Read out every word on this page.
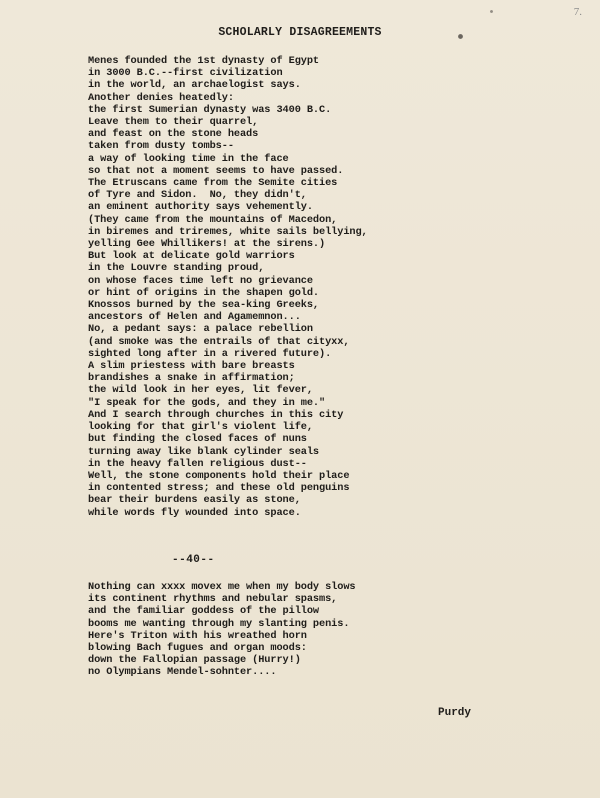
7.
SCHOLARLY DISAGREEMENTS
Menes founded the 1st dynasty of Egypt
in 3000 B.C.--first civilization
in the world, an archaelogist says.
Another denies heatedly:
the first Sumerian dynasty was 3400 B.C.
Leave them to their quarrel,
and feast on the stone heads
taken from dusty tombs--
a way of looking time in the face
so that not a moment seems to have passed.
The Etruscans came from the Semite cities
of Tyre and Sidon.  No, they didn't,
an eminent authority says vehemently.
(They came from the mountains of Macedon,
in biremes and triremes, white sails bellying,
yelling Gee Whillikers! at the sirens.)
But look at delicate gold warriors
in the Louvre standing proud,
on whose faces time left no grievance
or hint of origins in the shapen gold.
Knossos burned by the sea-king Greeks,
ancestors of Helen and Agamemnon...
No, a pedant says: a palace rebellion
(and smoke was the entrails of that cityxx,
sighted long after in a rivered future).
A slim priestess with bare breasts
brandishes a snake in affirmation;
the wild look in her eyes, lit fever,
"I speak for the gods, and they in me."
And I search through churches in this city
looking for that girl's violent life,
but finding the closed faces of nuns
turning away like blank cylinder seals
in the heavy fallen religious dust--
Well, the stone components hold their place
in contented stress; and these old penguins
bear their burdens easily as stone,
while words fly wounded into space.
--40--
Nothing can xxxx movex me when my body slows
its continent rhythms and nebular spasms,
and the familiar goddess of the pillow
booms me wanting through my slanting penis.
Here's Triton with his wreathed horn
blowing Bach fugues and organ moods:
down the Fallopian passage (Hurry!)
no Olympians Mendel-sohnter....
Purdy
